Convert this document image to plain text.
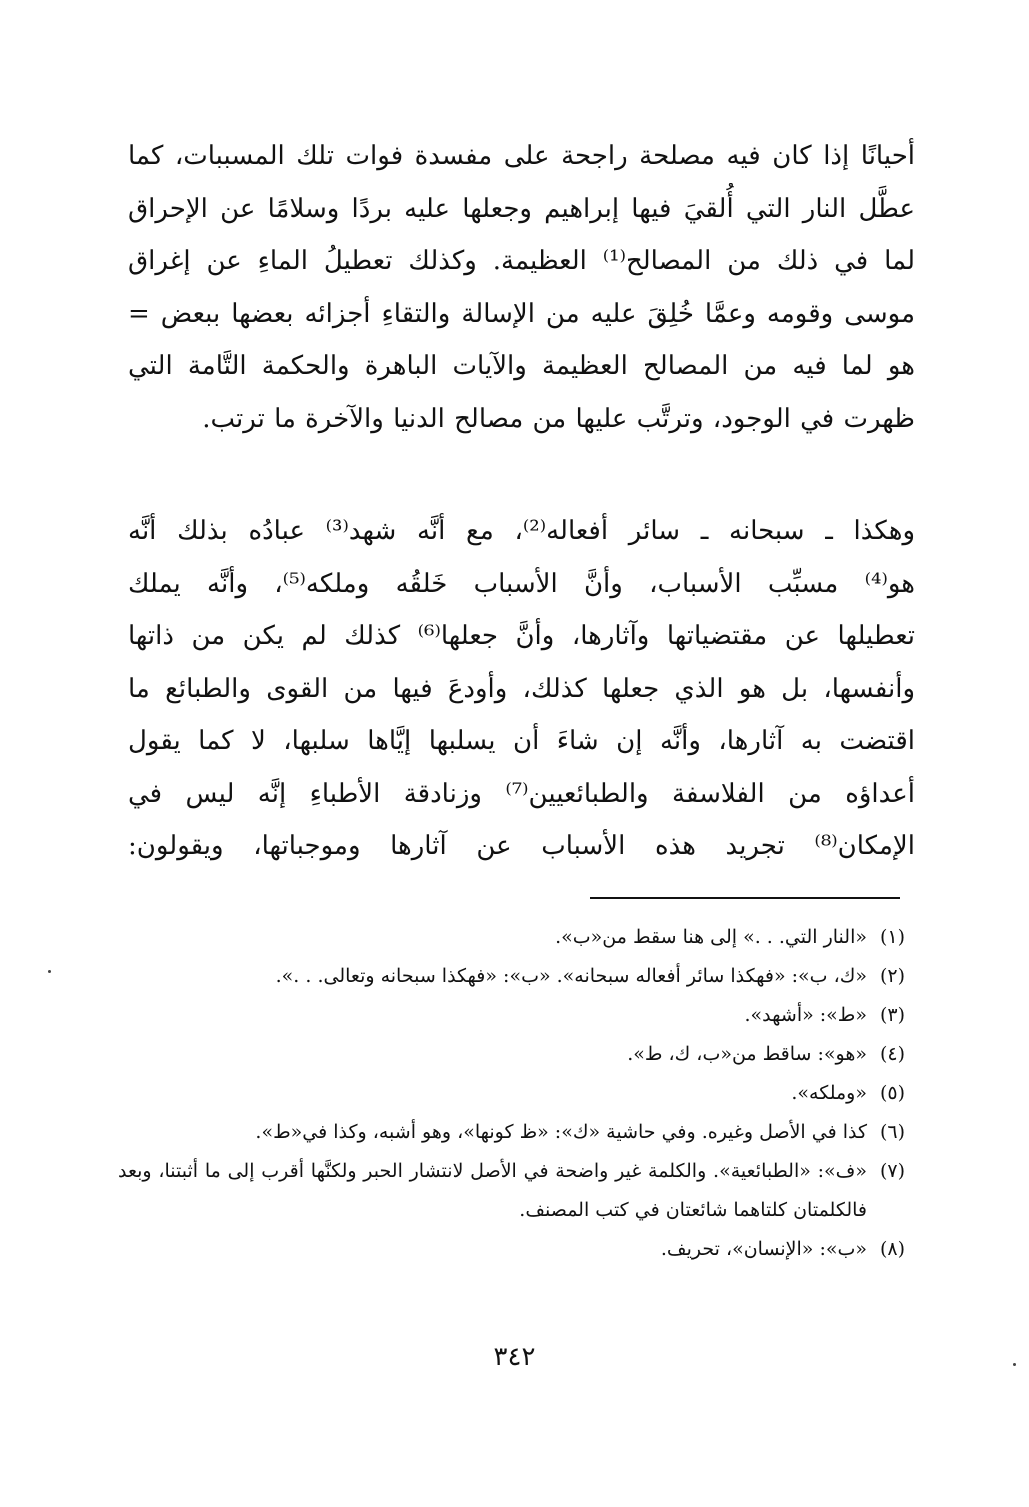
أحيانًا إذا كان فيه مصلحة راجحة على مفسدة فوات تلك المسببات، كما
عطَّل النار التي أُلقيَ فيها إبراهيم وجعلها عليه بردًا وسلامًا عن الإحراق
لما في ذلك من المصالح⁽¹⁾ العظيمة. وكذلك تعطيلُ الماءِ عن إغراق
موسى وقومه وعمَّا خُلِقَ عليه من الإسالة والتقاءِ أجزائه بعضها ببعض =
هو لما فيه من المصالح العظيمة والآيات الباهرة والحكمة التَّامة التي
ظهرت في الوجود، وترتَّب عليها من مصالح الدنيا والآخرة ما ترتب.
وهكذا ـ سبحانه ـ سائر أفعاله⁽²⁾، مع أنَّه شهد⁽³⁾ عبادُه بذلك أنَّه
هو⁽⁴⁾ مسبِّب الأسباب، وأنَّ الأسباب خَلقُه وملكه⁽⁵⁾، وأنَّه يملك
تعطيلها عن مقتضياتها وآثارها، وأنَّ جعلها⁽⁶⁾ كذلك لم يكن من ذاتها
وأنفسها، بل هو الذي جعلها كذلك، وأودعَ فيها من القوى والطبائع ما
اقتضت به آثارها، وأنَّه إن شاءَ أن يسلبها إيَّاها سلبها، لا كما يقول
أعداؤه من الفلاسفة والطبائعيين⁽⁷⁾ وزنادقة الأطباءِ إنَّه ليس في
الإمكان⁽⁸⁾ تجريد هذه الأسباب عن آثارها وموجباتها، ويقولون:
(١)
«النار التي. . .» إلى هنا سقط من«ب».
(٢)
«ك، ب»: «فهكذا سائر أفعاله سبحانه». «ب»: «فهكذا سبحانه وتعالى. . .».
(٣)
«ط»: «أشهد».
(٤)
«هو»: ساقط من«ب، ك، ط».
(٥)
«وملكه».
(٦)
كذا في الأصل وغيره. وفي حاشية «ك»: «ظ كونها»، وهو أشبه، وكذا في«ط».
(٧)
«ف»: «الطبائعية». والكلمة غير واضحة في الأصل لانتشار الحبر ولكنَّها أقرب إلى ما أثبتنا، وبعد فالكلمتان كلتاهما شائعتان في كتب المصنف.
(٨)
«ب»: «الإنسان»، تحريف.
٣٤٢
